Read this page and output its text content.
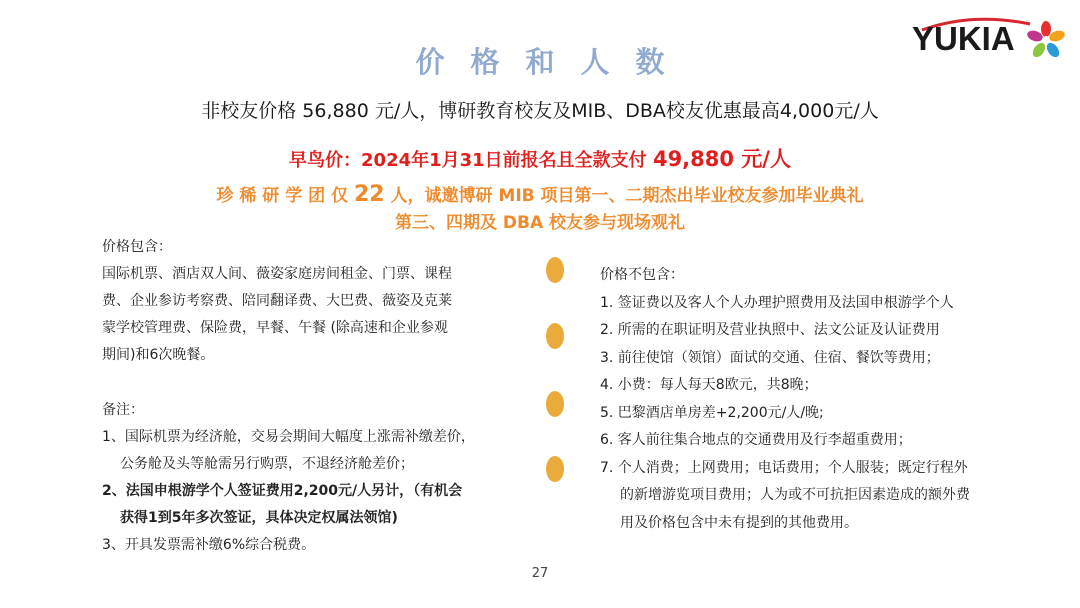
YUKIA
价格和人数
非校友价格 56,880 元/人，博研教育校友及MIB、DBA校友优惠最高4,000元/人
早鸟价：2024年1月31日前报名且全款支付 49,880 元/人
珍 稀 研 学 团 仅 22 人，诚邀博研 MIB 项目第一、二期杰出毕业校友参加毕业典礼
第三、四期及 DBA 校友参与现场观礼

价格包含：

国际机票、酒店双人间、薇姿家庭房间租金、门票、课程

费、企业参访考察费、陪同翻译费、大巴费、薇姿及克莱

蒙学校管理费、保险费，早餐、午餐 (除高速和企业参观

期间)和6次晚餐。

备注：

1、国际机票为经济舱，交易会期间大幅度上涨需补缴差价，

公务舱及头等舱需另行购票，不退经济舱差价；

2、法国申根游学个人签证费用2,200元/人另计，（有机会

获得1到5年多次签证，具体决定权属法领馆)

3、开具发票需补缴6%综合税费。

价格不包含：

1. 签证费以及客人个人办理护照费用及法国申根游学个人

2. 所需的在职证明及营业执照中、法文公证及认证费用

3. 前往使馆（领馆）面试的交通、住宿、餐饮等费用；

4. 小费：每人每天8欧元，共8晚；

5. 巴黎酒店单房差+2,200元/人/晚;

6. 客人前往集合地点的交通费用及行李超重费用；

7. 个人消费；上网费用；电话费用；个人服装；既定行程外

的新增游览项目费用；人为或不可抗拒因素造成的额外费

用及价格包含中未有提到的其他费用。

27
